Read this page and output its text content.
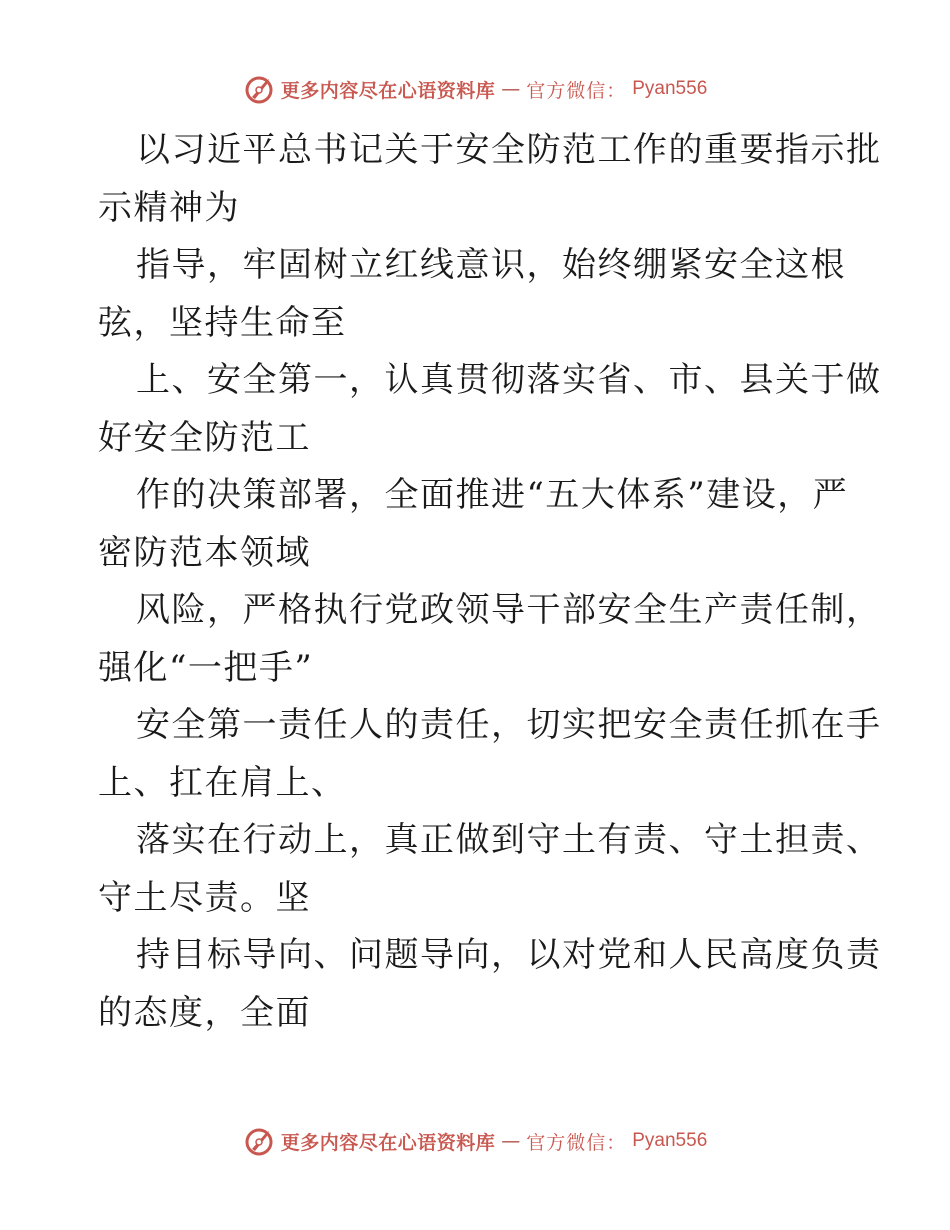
更多内容尽在心语资料库 — 官方微信： Pyan556
以习近平总书记关于安全防范工作的重要指示批
示精神为
指导，牢固树立红线意识，始终绷紧安全这根
弦，坚持生命至
上、安全第一，认真贯彻落实省、市、县关于做
好安全防范工
作的决策部署，全面推进“五大体系”建设，严
密防范本领域
风险，严格执行党政领导干部安全生产责任制，
强化“一把手”
安全第一责任人的责任，切实把安全责任抓在手
上、扛在肩上、
落实在行动上，真正做到守土有责、守土担责、
守土尽责。坚
持目标导向、问题导向，以对党和人民高度负责
的态度，全面
更多内容尽在心语资料库 — 官方微信： Pyan556
